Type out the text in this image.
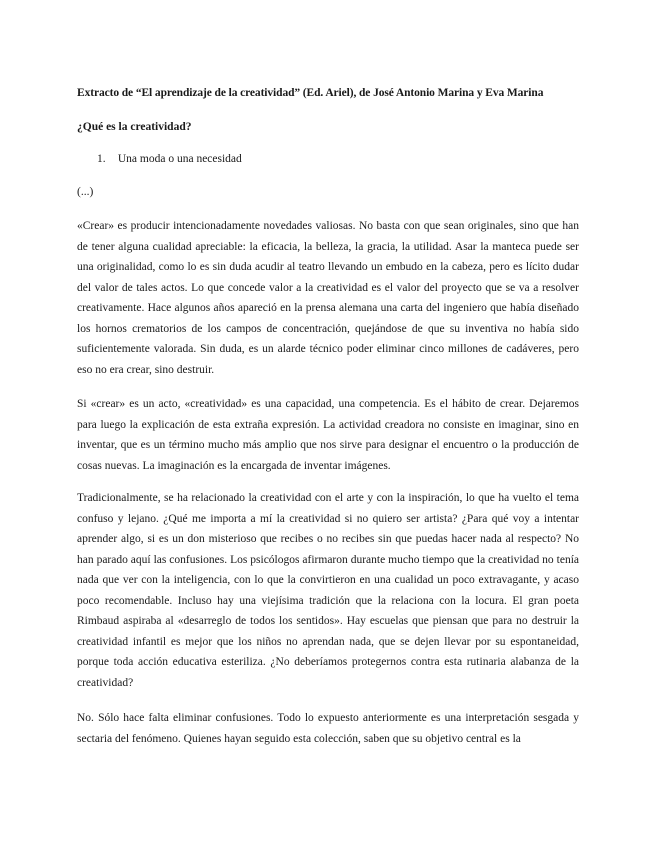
Extracto de “El aprendizaje de la creatividad” (Ed. Ariel), de José Antonio Marina y Eva Marina
¿Qué es la creatividad?
1. Una moda o una necesidad
(...)

«Crear» es producir intencionadamente novedades valiosas. No basta con que sean originales, sino que han de tener alguna cualidad apreciable: la eficacia, la belleza, la gracia, la utilidad. Asar la manteca puede ser una originalidad, como lo es sin duda acudir al teatro llevando un embudo en la cabeza, pero es lícito dudar del valor de tales actos. Lo que concede valor a la creatividad es el valor del proyecto que se va a resolver creativamente. Hace algunos años apareció en la prensa alemana una carta del ingeniero que había diseñado los hornos crematorios de los campos de concentración, quejándose de que su inventiva no había sido suficientemente valorada. Sin duda, es un alarde técnico poder eliminar cinco millones de cadáveres, pero eso no era crear, sino destruir.

Si «crear» es un acto, «creatividad» es una capacidad, una competencia. Es el hábito de crear. Dejaremos para luego la explicación de esta extraña expresión. La actividad creadora no consiste en imaginar, sino en inventar, que es un término mucho más amplio que nos sirve para designar el encuentro o la producción de cosas nuevas. La imaginación es la encargada de inventar imágenes.

Tradicionalmente, se ha relacionado la creatividad con el arte y con la inspiración, lo que ha vuelto el tema confuso y lejano. ¿Qué me importa a mí la creatividad si no quiero ser artista? ¿Para qué voy a intentar aprender algo, si es un don misterioso que recibes o no recibes sin que puedas hacer nada al respecto? No han parado aquí las confusiones. Los psicólogos afirmaron durante mucho tiempo que la creatividad no tenía nada que ver con la inteligencia, con lo que la convirtieron en una cualidad un poco extravagante, y acaso poco recomendable. Incluso hay una viejísima tradición que la relaciona con la locura. El gran poeta Rimbaud aspiraba al «desarreglo de todos los sentidos». Hay escuelas que piensan que para no destruir la creatividad infantil es mejor que los niños no aprendan nada, que se dejen llevar por su espontaneidad, porque toda acción educativa esteriliza. ¿No deberíamos protegernos contra esta rutinaria alabanza de la creatividad?

No. Sólo hace falta eliminar confusiones. Todo lo expuesto anteriormente es una interpretación sesgada y sectaria del fenómeno. Quienes hayan seguido esta colección, saben que su objetivo central es la
